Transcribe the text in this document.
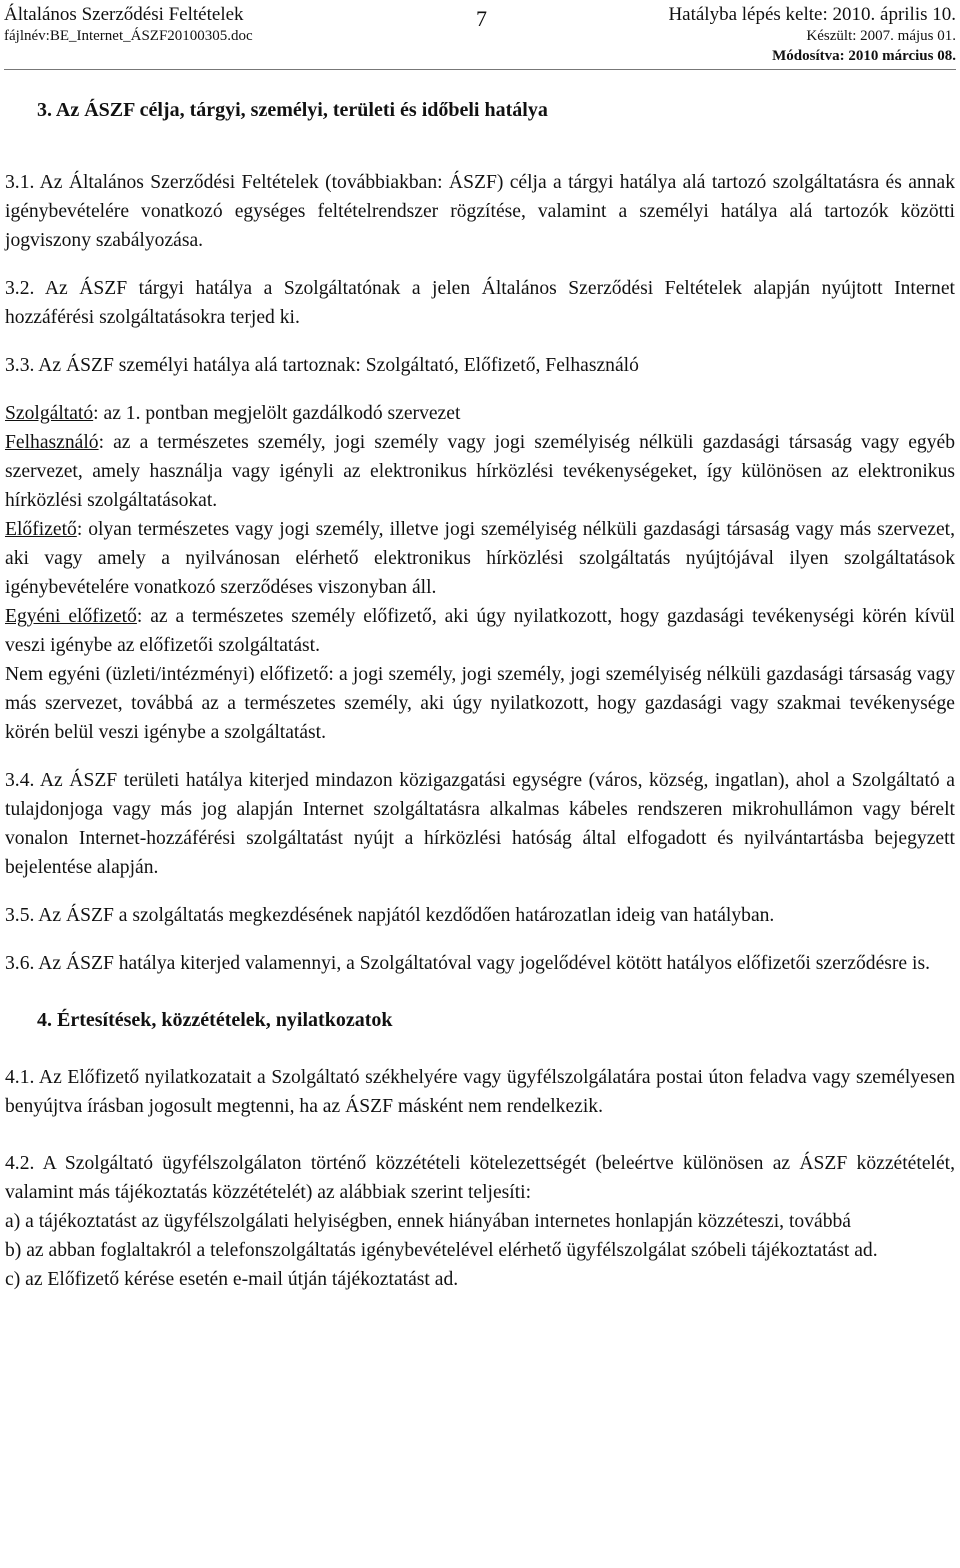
Általános Szerződési Feltételek
fájlnév:BE_Internet_ÁSZF20100305.doc
7	Hatályba lépés kelte: 2010. április 10.
Készült: 2007. május 01.
Módosítva: 2010 március 08.

3. Az ÁSZF célja, tárgyi, személyi, területi és időbeli hatálya

3.1. Az Általános Szerződési Feltételek (továbbiakban: ÁSZF) célja a tárgyi hatálya alá tartozó szolgáltatásra és annak igénybevételére vonatkozó egységes feltételrendszer rögzítése, valamint a személyi hatálya alá tartozók közötti jogviszony szabályozása.

3.2. Az ÁSZF tárgyi hatálya a Szolgáltatónak a jelen Általános Szerződési Feltételek alapján nyújtott Internet hozzáférési szolgáltatásokra terjed ki.

3.3. Az ÁSZF személyi hatálya alá tartoznak: Szolgáltató, Előfizető, Felhasználó

Szolgáltató: az 1. pontban megjelölt gazdálkodó szervezet

Felhasználó: az a természetes személy, jogi személy vagy jogi személyiség nélküli gazdasági társaság vagy egyéb szervezet, amely használja vagy igényli az elektronikus hírközlési tevékenységeket, így különösen az elektronikus hírközlési szolgáltatásokat.

Előfizető: olyan természetes vagy jogi személy, illetve jogi személyiség nélküli gazdasági társaság vagy más szervezet, aki vagy amely a nyilvánosan elérhető elektronikus hírközlési szolgáltatás nyújtójával ilyen szolgáltatások igénybevételére vonatkozó szerződéses viszonyban áll.

Egyéni előfizető: az a természetes személy előfizető, aki úgy nyilatkozott, hogy gazdasági tevékenységi körén kívül veszi igénybe az előfizetői szolgáltatást.

Nem egyéni (üzleti/intézményi) előfizető: a jogi személy, jogi személy, jogi személyiség nélküli gazdasági társaság vagy más szervezet, továbbá az a természetes személy, aki úgy nyilatkozott, hogy gazdasági vagy szakmai tevékenysége körén belül veszi igénybe a szolgáltatást.

3.4. Az ÁSZF területi hatálya kiterjed mindazon közigazgatási egységre (város, község, ingatlan), ahol a Szolgáltató a tulajdonjoga vagy más jog alapján Internet szolgáltatásra alkalmas kábeles rendszeren mikrohullámon vagy bérelt vonalon Internet-hozzáférési szolgáltatást nyújt a hírközlési hatóság által elfogadott és nyilvántartásba bejegyzett bejelentése alapján.

3.5. Az ÁSZF a szolgáltatás megkezdésének napjától kezdődően határozatlan ideig van hatályban.

3.6. Az ÁSZF hatálya kiterjed valamennyi, a Szolgáltatóval vagy jogelődével kötött hatályos előfizetői szerződésre is.

4. Értesítések, közzétételek, nyilatkozatok

4.1. Az Előfizető nyilatkozatait a Szolgáltató székhelyére vagy ügyfélszolgálatára postai úton feladva vagy személyesen benyújtva írásban jogosult megtenni, ha az ÁSZF másként nem rendelkezik.

4.2. A Szolgáltató ügyfélszolgálaton történő közzétételi kötelezettségét (beleértve különösen az ÁSZF közzétételét, valamint más tájékoztatás közzétételét) az alábbiak szerint teljesíti:

a) a tájékoztatást az ügyfélszolgálati helyiségben, ennek hiányában internetes honlapján közzéteszi, továbbá

b) az abban foglaltakról a telefonszolgáltatás igénybevételével elérhető ügyfélszolgálat szóbeli tájékoztatást ad.

c) az Előfizető kérése esetén e-mail útján tájékoztatást ad.
